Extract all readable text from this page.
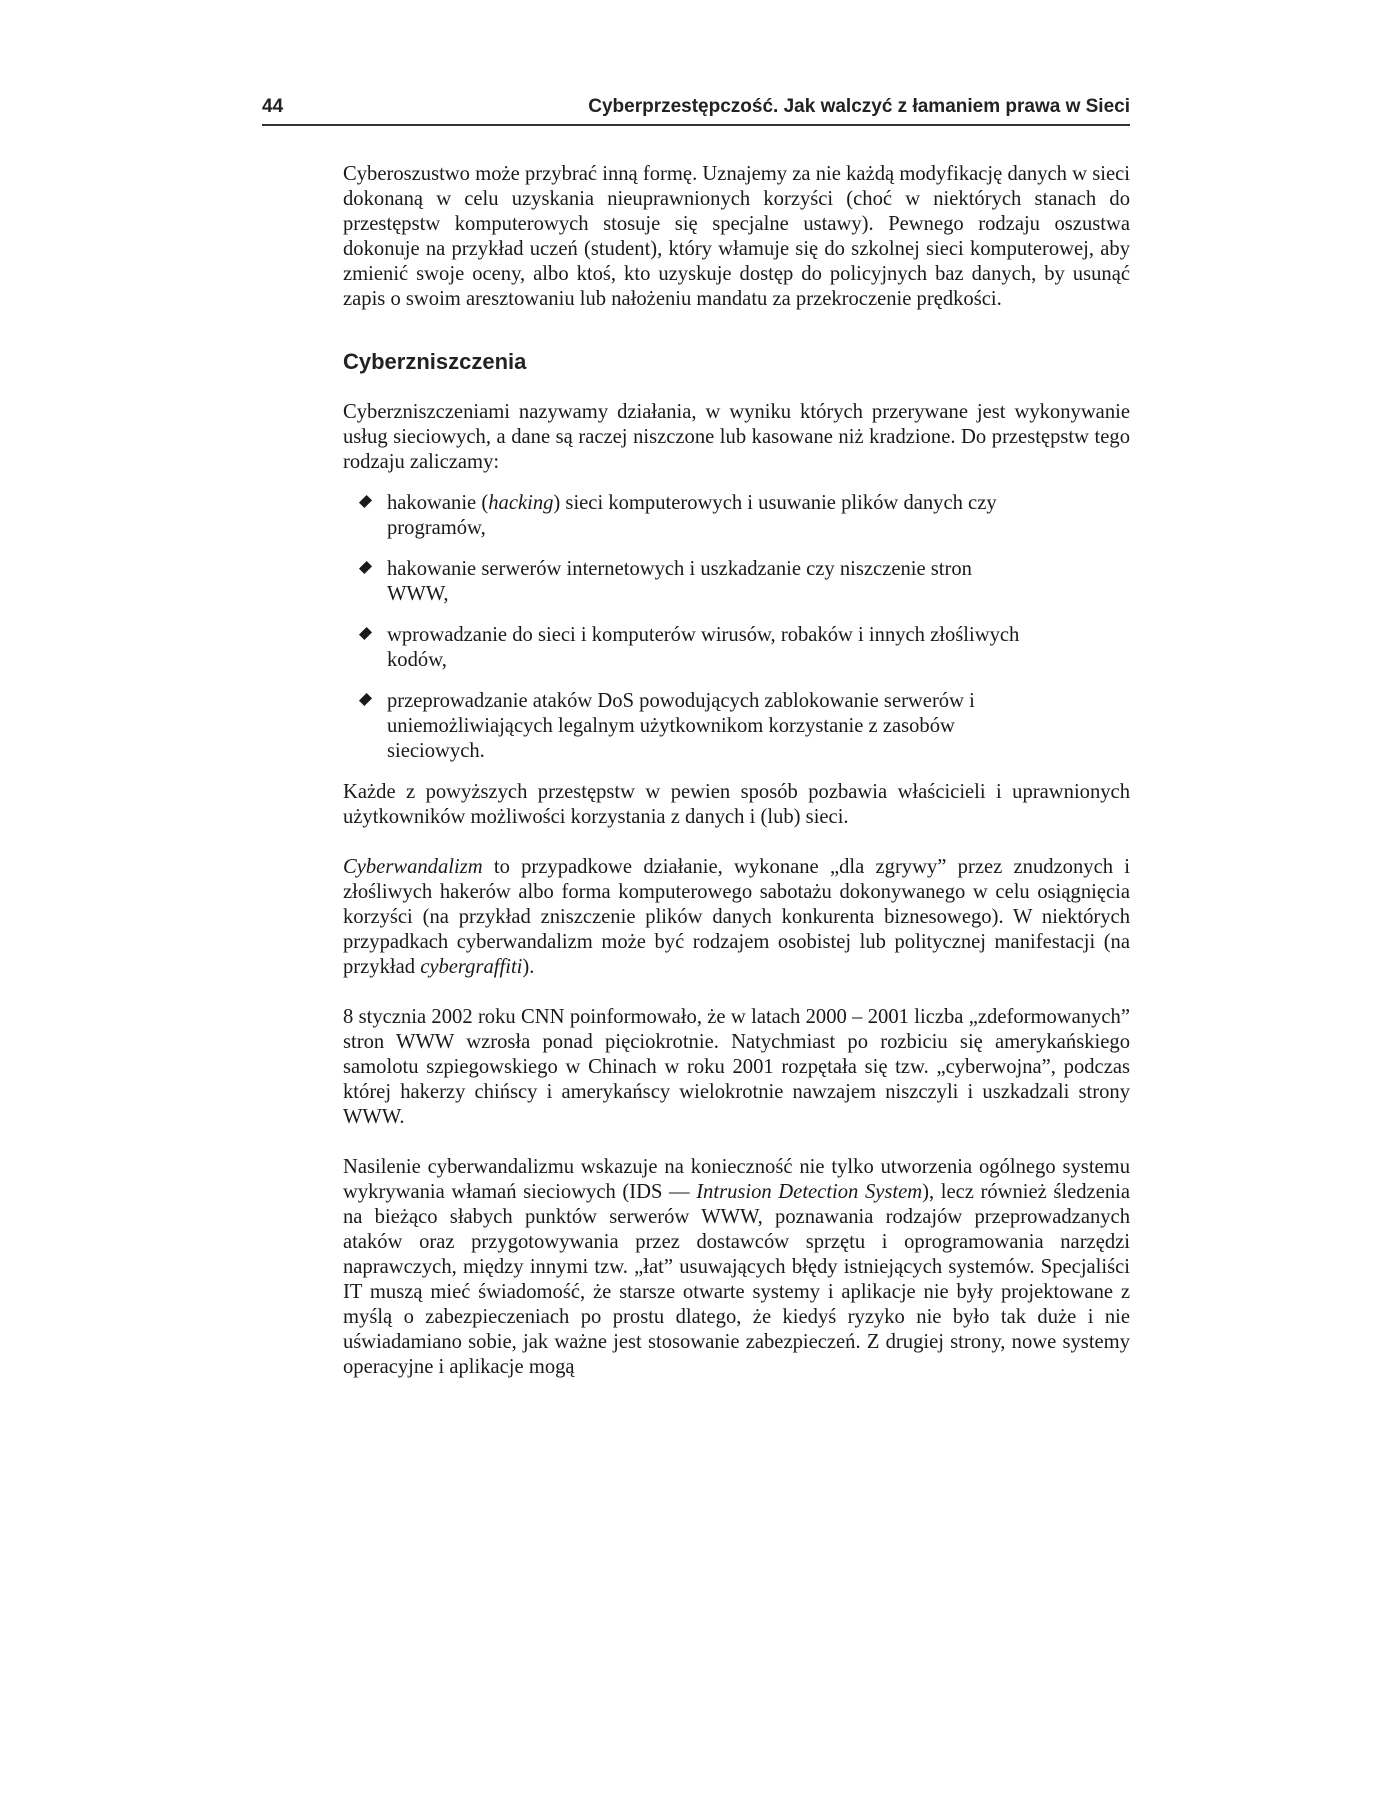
44	Cyberprzestępczość. Jak walczyć z łamaniem prawa w Sieci

Cyberoszustwo może przybrać inną formę. Uznajemy za nie każdą modyfikację danych w sieci dokonaną w celu uzyskania nieuprawnionych korzyści (choć w niektórych stanach do przestępstw komputerowych stosuje się specjalne ustawy). Pewnego rodzaju oszustwa dokonuje na przykład uczeń (student), który włamuje się do szkolnej sieci komputerowej, aby zmienić swoje oceny, albo ktoś, kto uzyskuje dostęp do policyjnych baz danych, by usunąć zapis o swoim aresztowaniu lub nałożeniu mandatu za przekroczenie prędkości.

Cyberzniszczenia

Cyberzniszczeniami nazywamy działania, w wyniku których przerywane jest wykonywanie usług sieciowych, a dane są raczej niszczone lub kasowane niż kradzione. Do przestępstw tego rodzaju zaliczamy:

hakowanie (hacking) sieci komputerowych i usuwanie plików danych czy programów,
hakowanie serwerów internetowych i uszkadzanie czy niszczenie stron WWW,
wprowadzanie do sieci i komputerów wirusów, robaków i innych złośliwych kodów,
przeprowadzanie ataków DoS powodujących zablokowanie serwerów i uniemożliwiających legalnym użytkownikom korzystanie z zasobów sieciowych.

Każde z powyższych przestępstw w pewien sposób pozbawia właścicieli i uprawnionych użytkowników możliwości korzystania z danych i (lub) sieci.

Cyberwandalizm to przypadkowe działanie, wykonane „dla zgrywy” przez znudzonych i złośliwych hakerów albo forma komputerowego sabotażu dokonywanego w celu osiągnięcia korzyści (na przykład zniszczenie plików danych konkurenta biznesowego). W niektórych przypadkach cyberwandalizm może być rodzajem osobistej lub politycznej manifestacji (na przykład cybergraffiti).

8 stycznia 2002 roku CNN poinformowało, że w latach 2000 – 2001 liczba „zdeformowanych” stron WWW wzrosła ponad pięciokrotnie. Natychmiast po rozbiciu się amerykańskiego samolotu szpiegowskiego w Chinach w roku 2001 rozpętała się tzw. „cyberwojna”, podczas której hakerzy chińscy i amerykańscy wielokrotnie nawzajem niszczyli i uszkadzali strony WWW.

Nasilenie cyberwandalizmu wskazuje na konieczność nie tylko utworzenia ogólnego systemu wykrywania włamań sieciowych (IDS — Intrusion Detection System), lecz również śledzenia na bieżąco słabych punktów serwerów WWW, poznawania rodzajów przeprowadzanych ataków oraz przygotowywania przez dostawców sprzętu i oprogramowania narzędzi naprawczych, między innymi tzw. „łat” usuwających błędy istniejących systemów. Specjaliści IT muszą mieć świadomość, że starsze otwarte systemy i aplikacje nie były projektowane z myślą o zabezpieczeniach po prostu dlatego, że kiedyś ryzyko nie było tak duże i nie uświadamiano sobie, jak ważne jest stosowanie zabezpieczeń. Z drugiej strony, nowe systemy operacyjne i aplikacje mogą
